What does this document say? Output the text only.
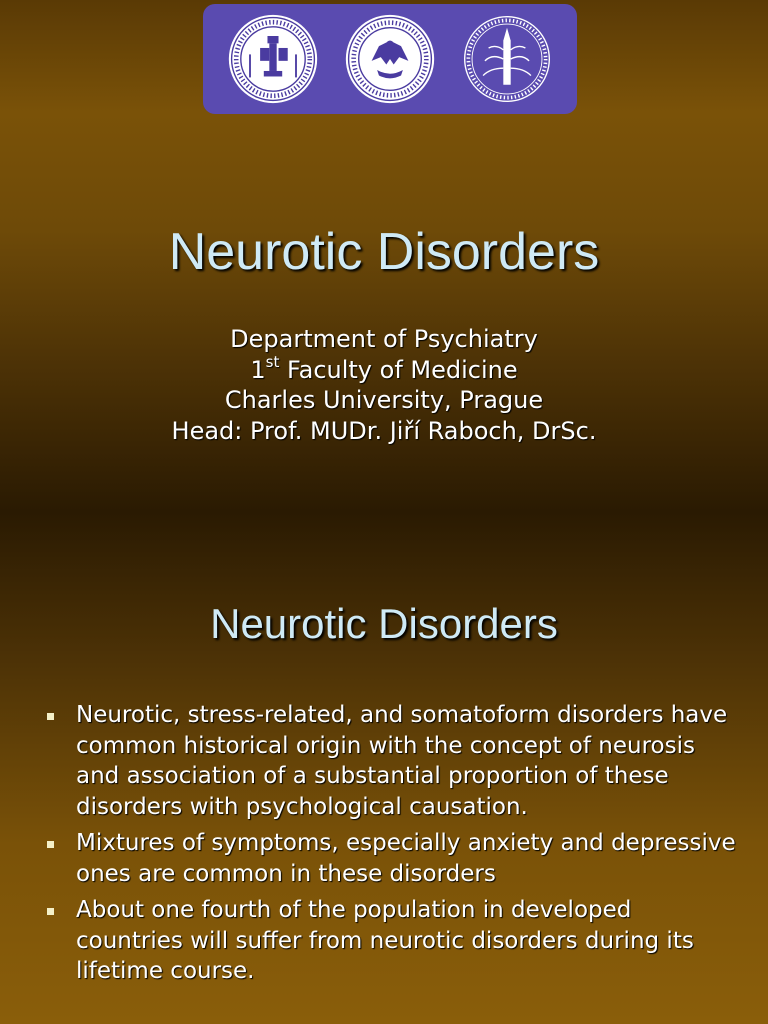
Neurotic Disorders
Department of Psychiatry
1st Faculty of Medicine
Charles University, Prague
Head: Prof. MUDr. Jiří Raboch, DrSc.
Neurotic Disorders
Neurotic, stress-related, and somatoform disorders have common historical origin with the concept of neurosis and association of a substantial proportion of these disorders with psychological causation.
Mixtures of symptoms, especially anxiety and depressive ones are common in these disorders
About one fourth of the population in developed countries will suffer from neurotic disorders during its lifetime course.
